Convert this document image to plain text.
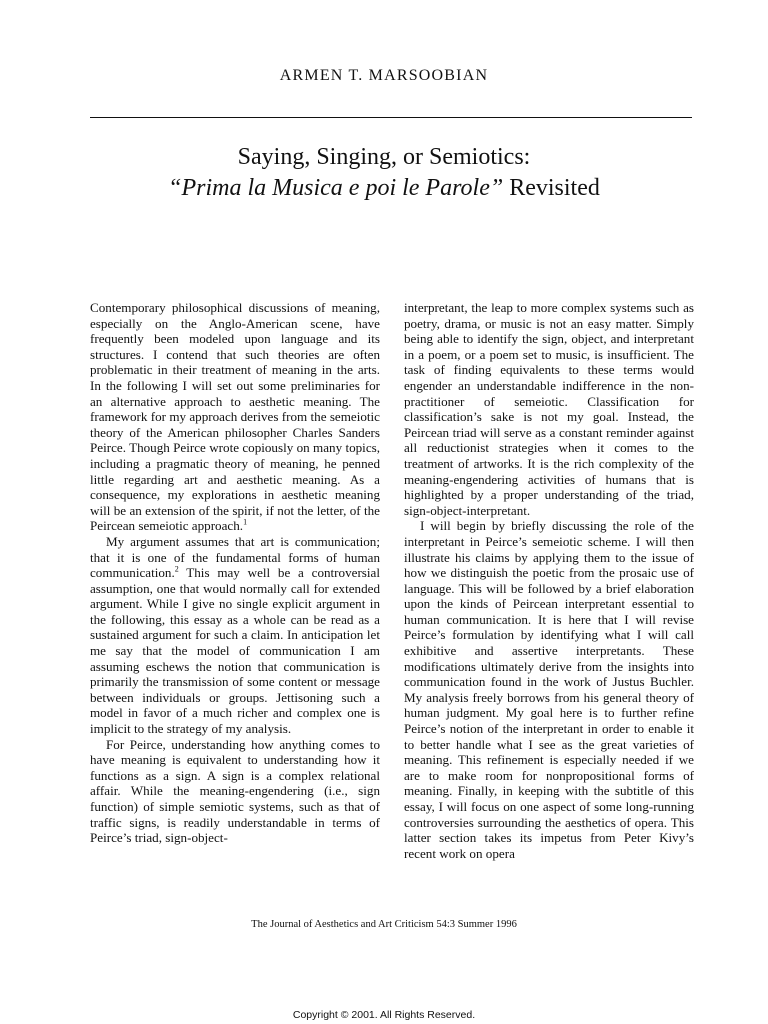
ARMEN T. MARSOOBIAN
Saying, Singing, or Semiotics:
“Prima la Musica e poi le Parole” Revisited

Contemporary philosophical discussions of meaning, especially on the Anglo-American scene, have frequently been modeled upon language and its structures. I contend that such theories are often problematic in their treatment of meaning in the arts. In the following I will set out some preliminaries for an alternative approach to aesthetic meaning. The framework for my approach derives from the semeiotic theory of the American philosopher Charles Sanders Peirce. Though Peirce wrote copiously on many topics, including a pragmatic theory of meaning, he penned little regarding art and aesthetic meaning. As a consequence, my explorations in aesthetic meaning will be an extension of the spirit, if not the letter, of the Peircean semeiotic approach.$^1$

My argument assumes that art is communication; that it is one of the fundamental forms of human communication.$^2$ This may well be a controversial assumption, one that would normally call for extended argument. While I give no single explicit argument in the following, this essay as a whole can be read as a sustained argument for such a claim. In anticipation let me say that the model of communication I am assuming eschews the notion that communication is primarily the transmission of some content or message between individuals or groups. Jettisoning such a model in favor of a much richer and complex one is implicit to the strategy of my analysis.

For Peirce, understanding how anything comes to have meaning is equivalent to understanding how it functions as a sign. A sign is a complex relational affair. While the meaning-engendering (i.e., sign function) of simple semiotic systems, such as that of traffic signs, is readily understandable in terms of Peirce’s triad, sign-object-

interpretant, the leap to more complex systems such as poetry, drama, or music is not an easy matter. Simply being able to identify the sign, object, and interpretant in a poem, or a poem set to music, is insufficient. The task of finding equivalents to these terms would engender an understandable indifference in the non-practitioner of semeiotic. Classification for classification’s sake is not my goal. Instead, the Peircean triad will serve as a constant reminder against all reductionist strategies when it comes to the treatment of artworks. It is the rich complexity of the meaning-engendering activities of humans that is highlighted by a proper understanding of the triad, sign-object-interpretant.

I will begin by briefly discussing the role of the interpretant in Peirce’s semeiotic scheme. I will then illustrate his claims by applying them to the issue of how we distinguish the poetic from the prosaic use of language. This will be followed by a brief elaboration upon the kinds of Peircean interpretant essential to human communication. It is here that I will revise Peirce’s formulation by identifying what I will call exhibitive and assertive interpretants. These modifications ultimately derive from the insights into communication found in the work of Justus Buchler. My analysis freely borrows from his general theory of human judgment. My goal here is to further refine Peirce’s notion of the interpretant in order to enable it to better handle what I see as the great varieties of meaning. This refinement is especially needed if we are to make room for nonpropositional forms of meaning. Finally, in keeping with the subtitle of this essay, I will focus on one aspect of some long-running controversies surrounding the aesthetics of opera. This latter section takes its impetus from Peter Kivy’s recent work on opera

The Journal of Aesthetics and Art Criticism 54:3 Summer 1996
Copyright © 2001. All Rights Reserved.
